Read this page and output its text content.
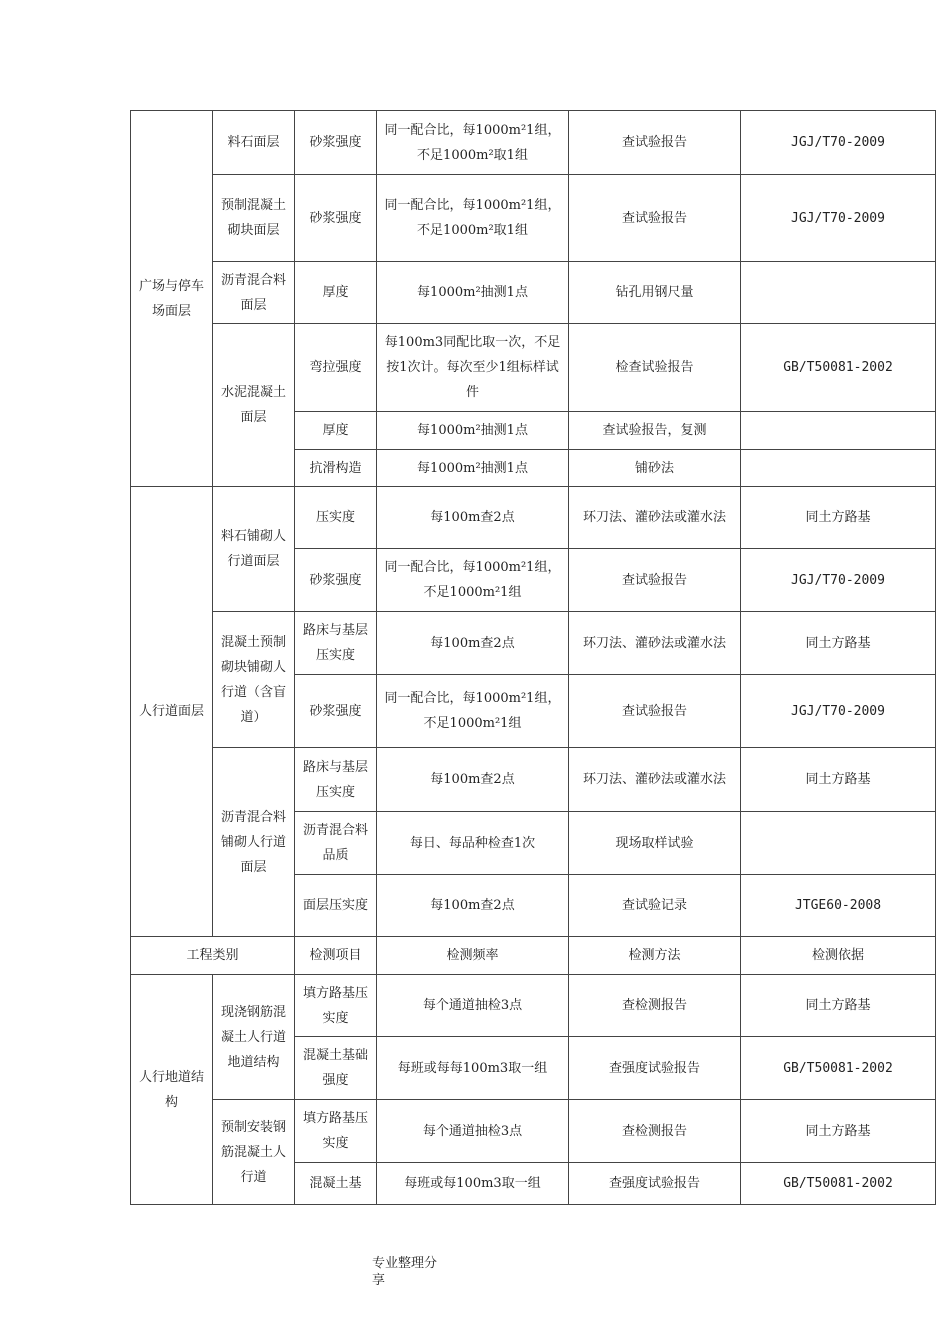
广场与停车场面层	料石面层	砂浆强度	同一配合比，每1000m²1组，不足1000m²取1组	查试验报告	JGJ/T70-2009
	预制混凝土砌块面层	砂浆强度	同一配合比，每1000m²1组，不足1000m²取1组	查试验报告	JGJ/T70-2009
	沥青混合料面层	厚度	每1000m²抽测1点	钻孔用钢尺量	
	水泥混凝土面层	弯拉强度	每100m3同配比取一次，不足按1次计。每次至少1组标样试件	检查试验报告	GB/T50081-2002
		厚度	每1000m²抽测1点	查试验报告，复测	
		抗滑构造	每1000m²抽测1点	铺砂法	
人行道面层	料石铺砌人行道面层	压实度	每100m查2点	环刀法、灌砂法或灌水法	同土方路基
		砂浆强度	同一配合比，每1000m²1组，不足1000m²1组	查试验报告	JGJ/T70-2009
	混凝土预制砌块铺砌人行道（含盲道）	路床与基层压实度	每100m查2点	环刀法、灌砂法或灌水法	同土方路基
		砂浆强度	同一配合比，每1000m²1组，不足1000m²1组	查试验报告	JGJ/T70-2009
	沥青混合料铺砌人行道面层	路床与基层压实度	每100m查2点	环刀法、灌砂法或灌水法	同土方路基
		沥青混合料品质	每日、每品种检查1次	现场取样试验	
		面层压实度	每100m查2点	查试验记录	JTGE60-2008
工程类别		检测项目	检测频率	检测方法	检测依据
人行地道结构	现浇钢筋混凝土人行道地道结构	填方路基压实度	每个通道抽检3点	查检测报告	同土方路基
		混凝土基础强度	每班或每每100m3取一组	查强度试验报告	GB/T50081-2002
	预制安装钢筋混凝土人行道	填方路基压实度	每个通道抽检3点	查检测报告	同土方路基
		混凝土基	每班或每100m3取一组	查强度试验报告	GB/T50081-2002
专业整理分享
